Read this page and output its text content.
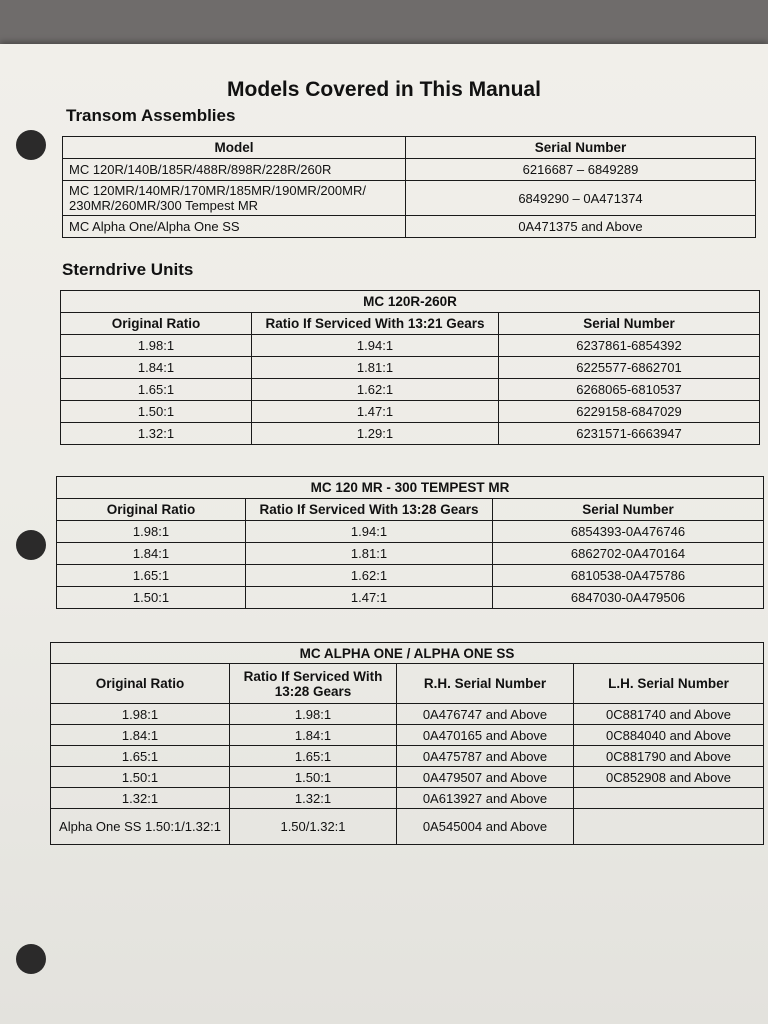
Models Covered in This Manual
Transom Assemblies
Model	Serial Number
MC 120R/140B/185R/488R/898R/228R/260R	6216687 – 6849289
MC 120MR/140MR/170MR/185MR/190MR/200MR/ 230MR/260MR/300 Tempest MR	6849290 – 0A471374
MC Alpha One/Alpha One SS	0A471375 and Above
Sterndrive Units
MC 120R-260R		
Original Ratio	Ratio If Serviced With 13:21 Gears	Serial Number
1.98:1	1.94:1	6237861-6854392
1.84:1	1.81:1	6225577-6862701
1.65:1	1.62:1	6268065-6810537
1.50:1	1.47:1	6229158-6847029
1.32:1	1.29:1	6231571-6663947
MC 120 MR - 300 TEMPEST MR		
Original Ratio	Ratio If Serviced With 13:28 Gears	Serial Number
1.98:1	1.94:1	6854393-0A476746
1.84:1	1.81:1	6862702-0A470164
1.65:1	1.62:1	6810538-0A475786
1.50:1	1.47:1	6847030-0A479506
MC ALPHA ONE / ALPHA ONE SS			
Original Ratio	Ratio If Serviced With 13:28 Gears	R.H. Serial Number	L.H. Serial Number
1.98:1	1.98:1	0A476747 and Above	0C881740 and Above
1.84:1	1.84:1	0A470165 and Above	0C884040 and Above
1.65:1	1.65:1	0A475787 and Above	0C881790 and Above
1.50:1	1.50:1	0A479507 and Above	0C852908 and Above
1.32:1	1.32:1	0A613927 and Above	
Alpha One SS 1.50:1/1.32:1	1.50/1.32:1	0A545004 and Above	
